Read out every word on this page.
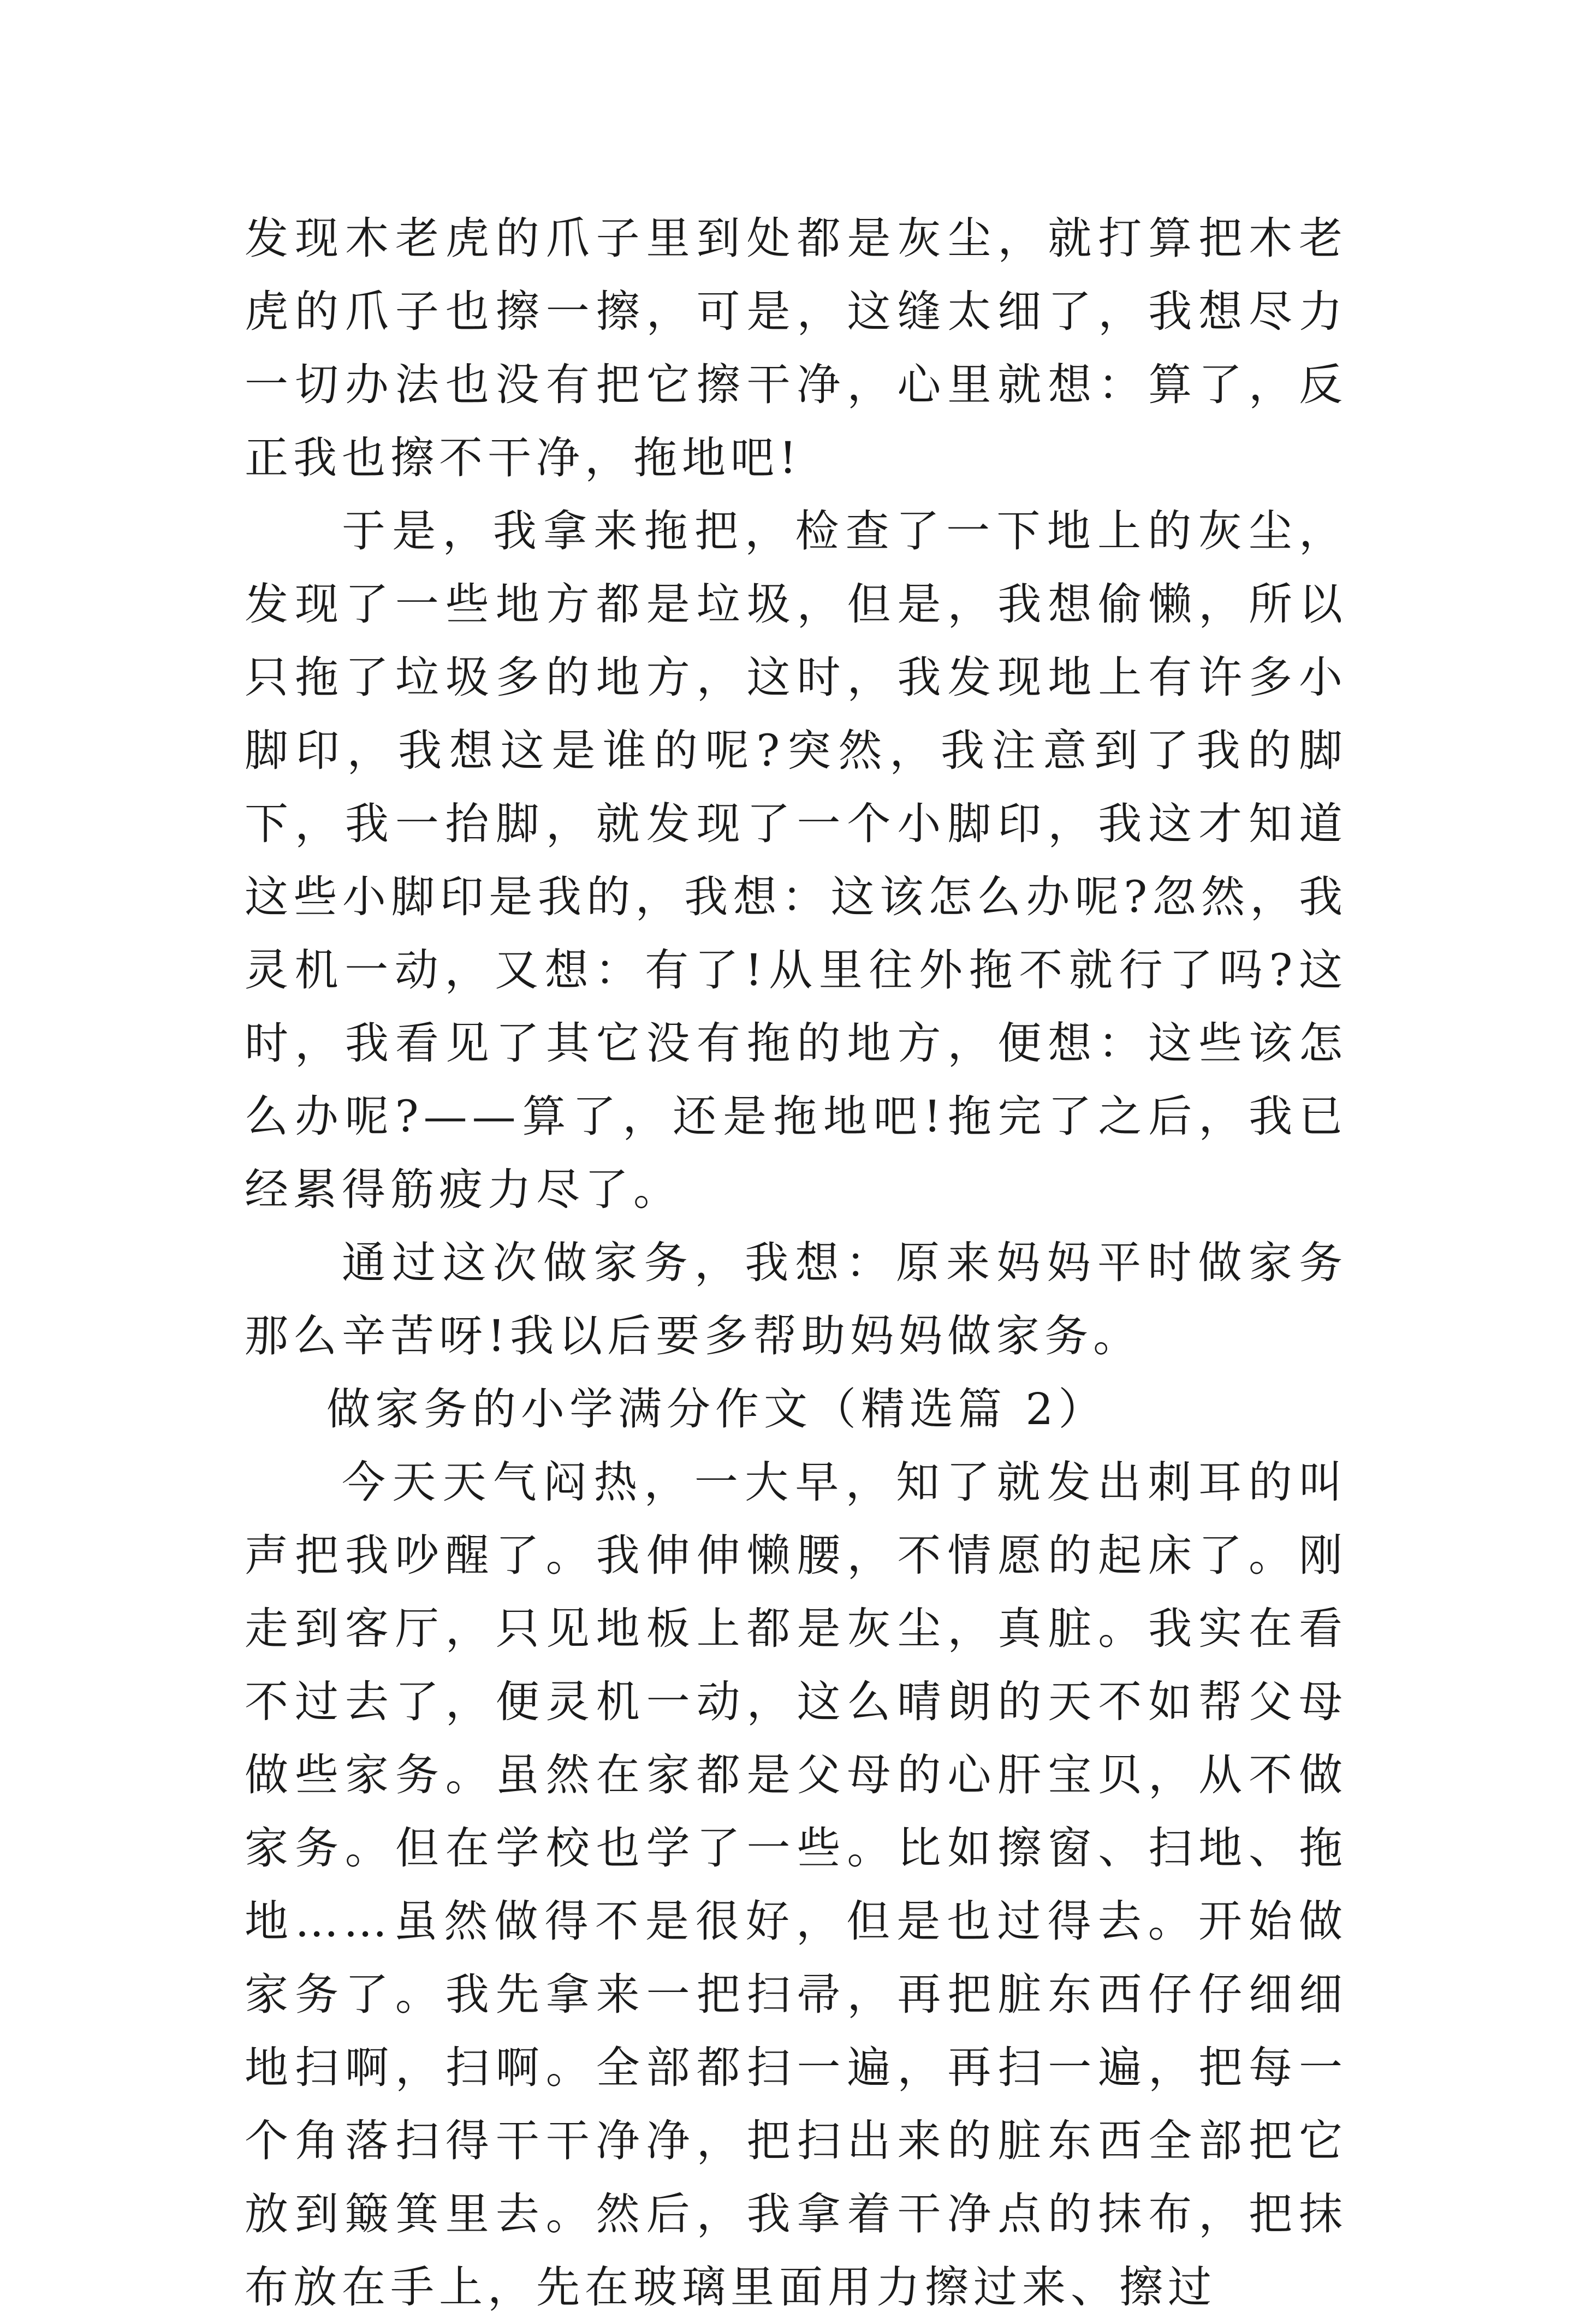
发现木老虎的爪子里到处都是灰尘，就打算把木老虎的爪子也擦一擦，可是，这缝太细了，我想尽力一切办法也没有把它擦干净，心里就想：算了，反正我也擦不干净，拖地吧!

于是，我拿来拖把，检查了一下地上的灰尘，发现了一些地方都是垃圾，但是，我想偷懒，所以只拖了垃圾多的地方，这时，我发现地上有许多小脚印，我想这是谁的呢?突然，我注意到了我的脚下，我一抬脚，就发现了一个小脚印，我这才知道这些小脚印是我的，我想：这该怎么办呢?忽然，我灵机一动，又想：有了!从里往外拖不就行了吗?这时，我看见了其它没有拖的地方，便想：这些该怎么办呢?——算了，还是拖地吧!拖完了之后，我已经累得筋疲力尽了。

通过这次做家务，我想：原来妈妈平时做家务那么辛苦呀!我以后要多帮助妈妈做家务。

做家务的小学满分作文（精选篇 2）

今天天气闷热，一大早，知了就发出刺耳的叫声把我吵醒了。我伸伸懒腰，不情愿的起床了。刚走到客厅，只见地板上都是灰尘，真脏。我实在看不过去了，便灵机一动，这么晴朗的天不如帮父母做些家务。虽然在家都是父母的心肝宝贝，从不做家务。但在学校也学了一些。比如擦窗、扫地、拖地……虽然做得不是很好，但是也过得去。开始做家务了。我先拿来一把扫帚，再把脏东西仔仔细细地扫啊，扫啊。全部都扫一遍，再扫一遍，把每一个角落扫得干干净净，把扫出来的脏东西全部把它放到簸箕里去。然后，我拿着干净点的抹布，把抹布放在手上，先在玻璃里面用力擦过来、擦过
